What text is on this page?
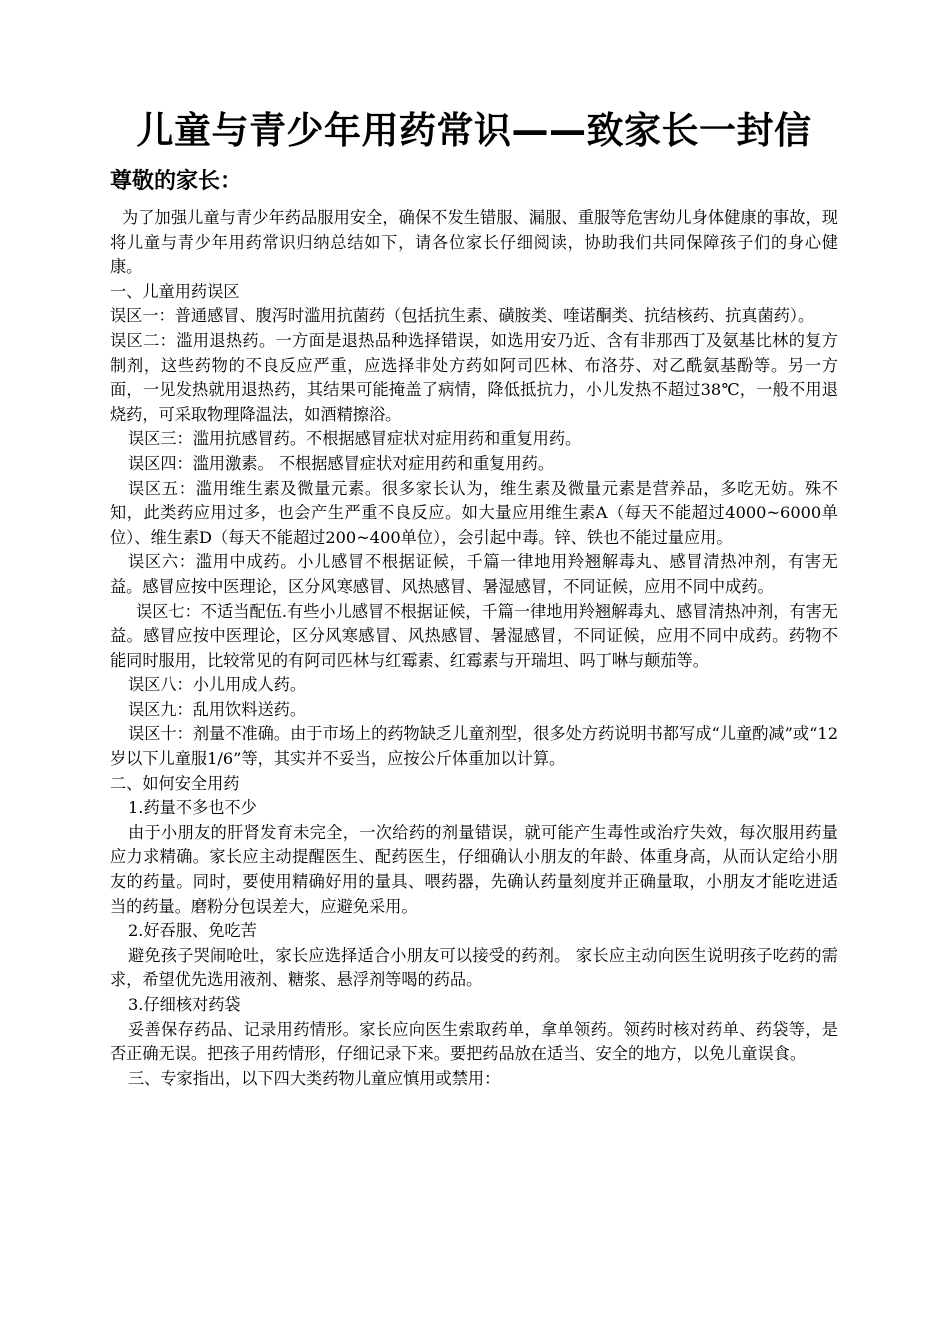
儿童与青少年用药常识——致家长一封信
尊敬的家长：

为了加强儿童与青少年药品服用安全，确保不发生错服、漏服、重服等危害幼儿身体健康的事故，现将儿童与青少年用药常识归纳总结如下，请各位家长仔细阅读，协助我们共同保障孩子们的身心健康。

一、儿童用药误区

误区一：普通感冒、腹泻时滥用抗菌药（包括抗生素、磺胺类、喹诺酮类、抗结核药、抗真菌药）。

误区二：滥用退热药。一方面是退热品种选择错误，如选用安乃近、含有非那西丁及氨基比林的复方制剂，这些药物的不良反应严重，应选择非处方药如阿司匹林、布洛芬、对乙酰氨基酚等。另一方面，一见发热就用退热药，其结果可能掩盖了病情，降低抵抗力，小儿发热不超过38℃，一般不用退烧药，可采取物理降温法，如酒精擦浴。

误区三：滥用抗感冒药。不根据感冒症状对症用药和重复用药。

误区四：滥用激素。 不根据感冒症状对症用药和重复用药。

误区五：滥用维生素及微量元素。很多家长认为，维生素及微量元素是营养品，多吃无妨。殊不知，此类药应用过多，也会产生严重不良反应。如大量应用维生素A（每天不能超过4000~6000单位）、维生素D（每天不能超过200~400单位），会引起中毒。锌、铁也不能过量应用。

误区六：滥用中成药。小儿感冒不根据证候，千篇一律地用羚翘解毒丸、感冒清热冲剂，有害无益。感冒应按中医理论，区分风寒感冒、风热感冒、暑湿感冒，不同证候，应用不同中成药。

误区七：不适当配伍.有些小儿感冒不根据证候，千篇一律地用羚翘解毒丸、感冒清热冲剂，有害无益。感冒应按中医理论，区分风寒感冒、风热感冒、暑湿感冒，不同证候，应用不同中成药。药物不能同时服用，比较常见的有阿司匹林与红霉素、红霉素与开瑞坦、吗丁啉与颠茄等。

误区八：小儿用成人药。

误区九：乱用饮料送药。

误区十：剂量不准确。由于市场上的药物缺乏儿童剂型，很多处方药说明书都写成“儿童酌减”或“12岁以下儿童服1/6”等，其实并不妥当，应按公斤体重加以计算。

二、如何安全用药

1.药量不多也不少

由于小朋友的肝肾发育未完全，一次给药的剂量错误，就可能产生毒性或治疗失效，每次服用药量应力求精确。家长应主动提醒医生、配药医生，仔细确认小朋友的年龄、体重身高，从而认定给小朋友的药量。同时，要使用精确好用的量具、喂药器，先确认药量刻度并正确量取，小朋友才能吃进适当的药量。磨粉分包误差大，应避免采用。

2.好吞服、免吃苦

避免孩子哭闹呛吐，家长应选择适合小朋友可以接受的药剂。 家长应主动向医生说明孩子吃药的需求，希望优先选用液剂、糖浆、悬浮剂等喝的药品。

3.仔细核对药袋

妥善保存药品、记录用药情形。家长应向医生索取药单，拿单领药。领药时核对药单、药袋等，是否正确无误。把孩子用药情形，仔细记录下来。要把药品放在适当、安全的地方，以免儿童误食。

三、专家指出，以下四大类药物儿童应慎用或禁用：
